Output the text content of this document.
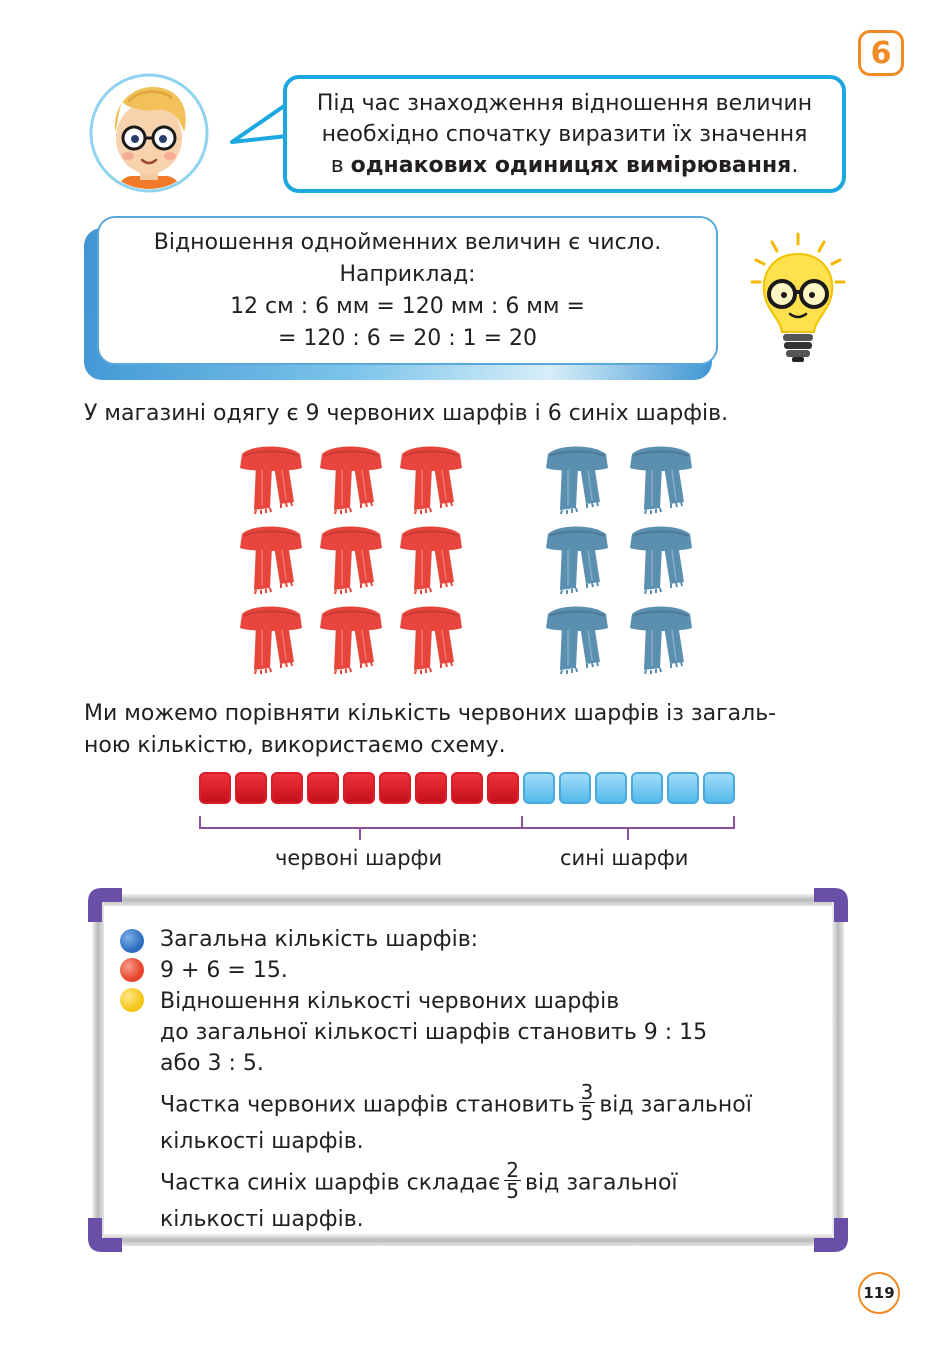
6
Під час знаходження відношення величин
необхідно спочатку виразити їх значення
в однакових одиницях вимірювання.
Відношення однойменних величин є число.
Наприклад:
12 см : 6 мм = 120 мм : 6 мм =
= 120 : 6 = 20 : 1 = 20
У магазині одягу є 9 червоних шарфів і 6 синіх шарфів.
Ми можемо порівняти кількість червоних шарфів із загаль-
ною кількістю, використаємо схему.
червоні шарфи	сині шарфи

Загальна кількість шарфів:

9 + 6 = 15.

Відношення кількості червоних шарфів

до загальної кількості шарфів становить 9 : 15

або 3 : 5.

Частка червоних шарфів становить $\frac{3}{5}$ від загальної

кількості шарфів.

Частка синіх шарфів складає $\frac{2}{5}$ від загальної

кількості шарфів.

119
